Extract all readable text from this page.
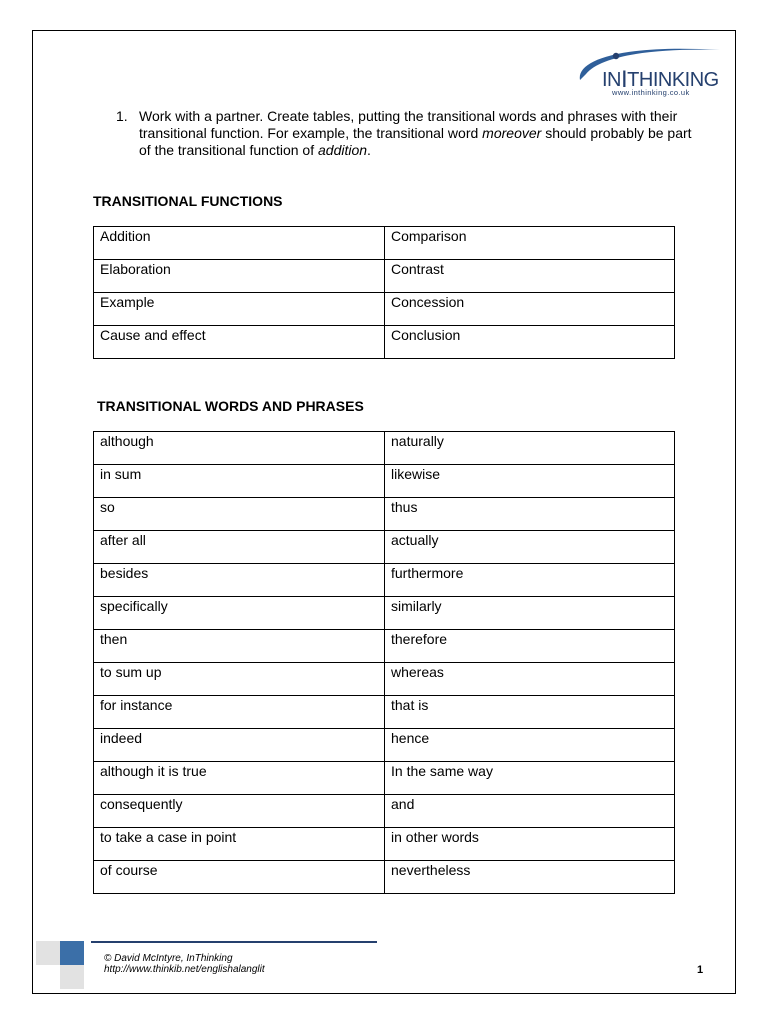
INITHINKING
www.inthinking.co.uk
1. Work with a partner. Create tables, putting the transitional words and phrases with their transitional function. For example, the transitional word moreover should probably be part of the transitional function of addition.
TRANSITIONAL FUNCTIONS
Addition	Comparison
Elaboration	Contrast
Example	Concession
Cause and effect	Conclusion
TRANSITIONAL WORDS AND PHRASES
although	naturally
in sum	likewise
so	thus
after all	actually
besides	furthermore
specifically	similarly
then	therefore
to sum up	whereas
for instance	that is
indeed	hence
although it is true	In the same way
consequently	and
to take a case in point	in other words
of course	nevertheless
© David McIntyre, InThinking
http://www.thinkib.net/englishalanglit	1
